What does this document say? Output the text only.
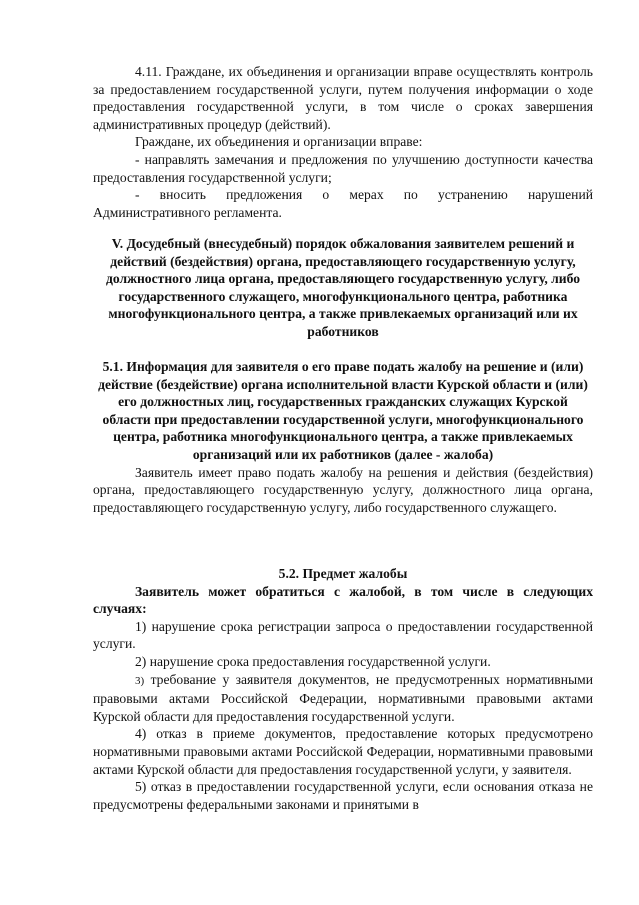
4.11. Граждане, их объединения и организации вправе осуществлять контроль за предоставлением государственной услуги, путем получения информации о ходе предоставления государственной услуги, в том числе о сроках завершения административных процедур (действий).

Граждане, их объединения и организации вправе:

- направлять замечания и предложения по улучшению доступности качества предоставления государственной услуги;

- вносить предложения о мерах по устранению нарушений Административного регламента.

V. Досудебный (внесудебный) порядок обжалования заявителем решений и действий (бездействия) органа, предоставляющего государственную услугу, должностного лица органа, предоставляющего государственную услугу, либо государственного служащего, многофункционального центра, работника многофункционального центра, а также привлекаемых организаций или их работников

5.1. Информация для заявителя о его праве подать жалобу на решение и (или) действие (бездействие) органа исполнительной власти Курской области и (или) его должностных лиц, государственных гражданских служащих Курской области при предоставлении государственной услуги, многофункционального центра, работника многофункционального центра, а также привлекаемых организаций или их работников (далее - жалоба)

Заявитель имеет право подать жалобу на решения и действия (бездействия) органа, предоставляющего государственную услугу, должностного лица органа, предоставляющего государственную услугу, либо государственного служащего.

5.2. Предмет жалобы

Заявитель может обратиться с жалобой, в том числе в следующих случаях:

1) нарушение срока регистрации запроса о предоставлении государственной услуги.

2) нарушение срока предоставления государственной услуги.

3) требование у заявителя документов, не предусмотренных нормативными правовыми актами Российской Федерации, нормативными правовыми актами Курской области для предоставления государственной услуги.

4) отказ в приеме документов, предоставление которых предусмотрено нормативными правовыми актами Российской Федерации, нормативными правовыми актами Курской области для предоставления государственной услуги, у заявителя.

5) отказ в предоставлении государственной услуги, если основания отказа не предусмотрены федеральными законами и принятыми в
